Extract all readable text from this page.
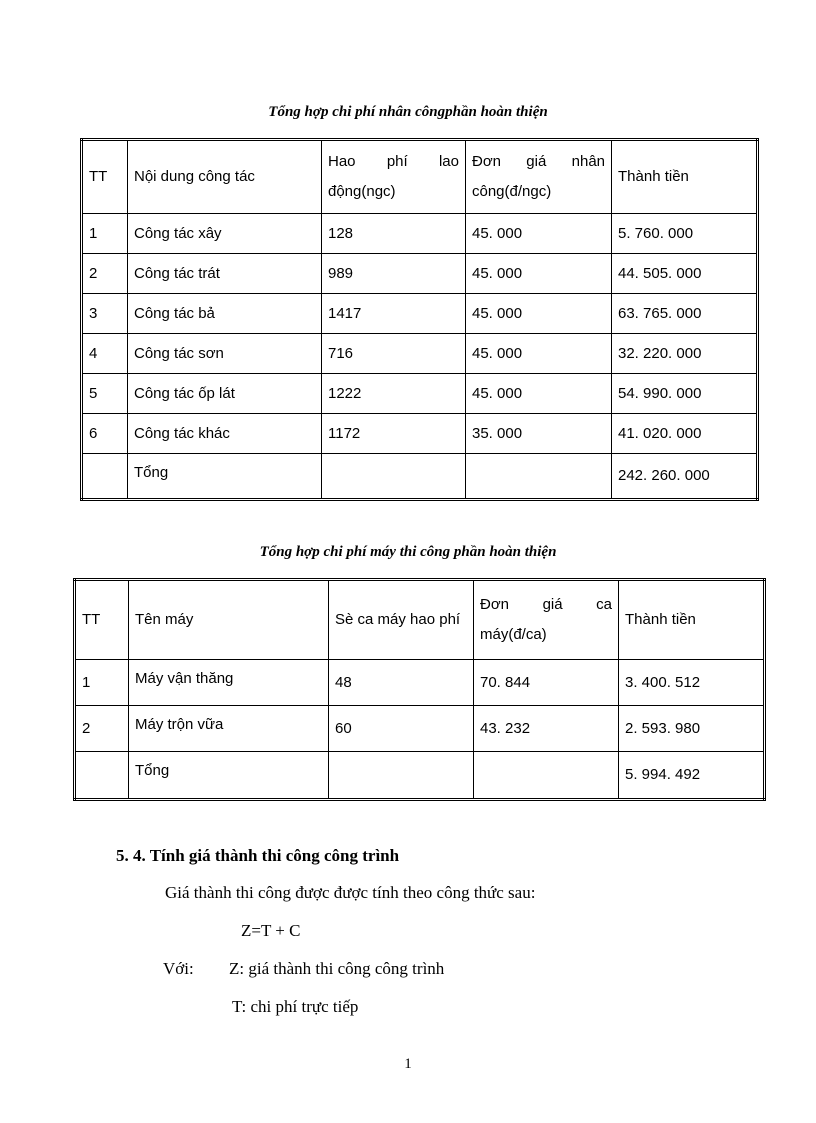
Tổng hợp chi phí nhân côngphần hoàn thiện
TT	Nội dung công tác	Hao phí lao động(ngc)	Đơn giá nhân công(đ/ngc)	Thành tiền
1	Công tác xây	128	45. 000	5. 760. 000
2	Công tác trát	989	45. 000	44. 505. 000
3	Công tác bả	1417	45. 000	63. 765. 000
4	Công tác sơn	716	45. 000	32. 220. 000
5	Công tác ốp lát	1222	45. 000	54. 990. 000
6	Công tác khác	1172	35. 000	41. 020. 000
	Tổng			242. 260. 000
Tổng hợp chi phí máy thi công phần hoàn thiện
TT	Tên máy	Sè ca máy hao phí	Đơn giá ca máy(đ/ca)	Thành tiền
1	Máy vận thăng	48	70. 844	3. 400. 512
2	Máy trộn vữa	60	43. 232	2. 593. 980
	Tổng			5. 994. 492
5. 4. Tính giá thành thi công công trình
Giá thành thi công được được tính theo công thức sau:
Z=T + C
Với: Z: giá thành thi công công trình
T: chi phí trực tiếp
1
